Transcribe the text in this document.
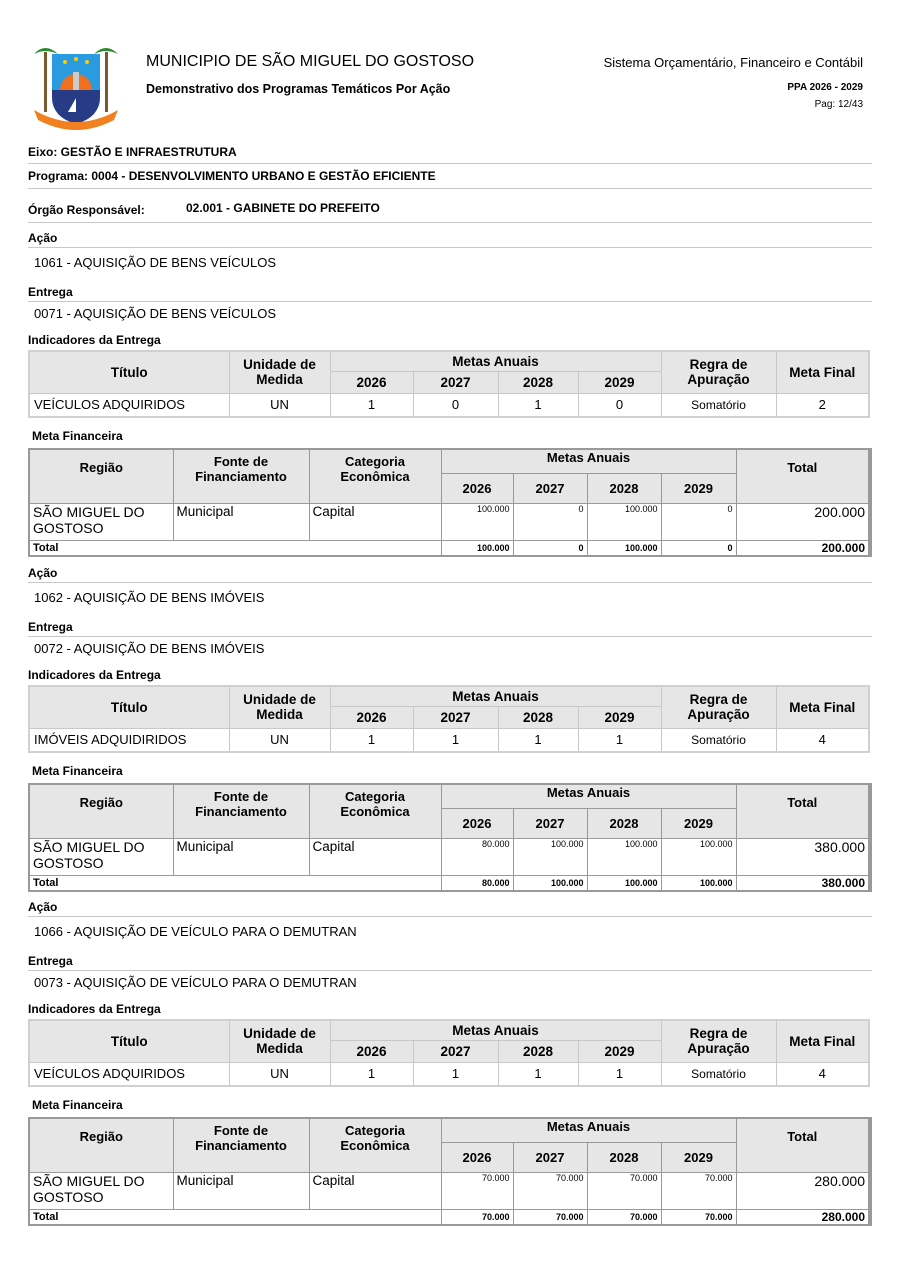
MUNICIPIO DE SÃO MIGUEL DO GOSTOSO
Demonstrativo dos Programas Temáticos Por Ação
Sistema Orçamentário, Financeiro e Contábil
PPA 2026 - 2029
Pag: 12/43
Eixo: GESTÃO E INFRAESTRUTURA
Programa: 0004 - DESENVOLVIMENTO URBANO E GESTÃO EFICIENTE
Órgão Responsável:	02.001 - GABINETE DO PREFEITO
Ação
1061 - AQUISIÇÃO DE BENS VEÍCULOS
Entrega
0071 - AQUISIÇÃO DE BENS VEÍCULOS
Indicadores da Entrega
Título	Unidade de Medida	Metas Anuais				Regra de Apuração	Meta Final
		2026	2027	2028	2029		
VEÍCULOS ADQUIRIDOS	UN	1	0	1	0	Somatório	2
Meta Financeira
Região	Fonte de Financiamento	Categoria Econômica	Metas Anuais				Total
			2026	2027	2028	2029	
SÃO MIGUEL DO GOSTOSO	Municipal	Capital	100.000	0	100.000	0	200.000
Total			100.000	0	100.000	0	200.000
Ação
1062 - AQUISIÇÃO DE BENS IMÓVEIS
Entrega
0072 - AQUISIÇÃO DE BENS IMÓVEIS
Indicadores da Entrega
Título	Unidade de Medida	Metas Anuais				Regra de Apuração	Meta Final
		2026	2027	2028	2029		
IMÓVEIS ADQUIDIRIDOS	UN	1	1	1	1	Somatório	4
Meta Financeira
Região	Fonte de Financiamento	Categoria Econômica	Metas Anuais				Total
			2026	2027	2028	2029	
SÃO MIGUEL DO GOSTOSO	Municipal	Capital	80.000	100.000	100.000	100.000	380.000
Total			80.000	100.000	100.000	100.000	380.000
Ação
1066 - AQUISIÇÃO DE VEÍCULO PARA O DEMUTRAN
Entrega
0073 - AQUISIÇÃO DE VEÍCULO PARA O DEMUTRAN
Indicadores da Entrega
Título	Unidade de Medida	Metas Anuais				Regra de Apuração	Meta Final
		2026	2027	2028	2029		
VEÍCULOS ADQUIRIDOS	UN	1	1	1	1	Somatório	4
Meta Financeira
Região	Fonte de Financiamento	Categoria Econômica	Metas Anuais				Total
			2026	2027	2028	2029	
SÃO MIGUEL DO GOSTOSO	Municipal	Capital	70.000	70.000	70.000	70.000	280.000
Total			70.000	70.000	70.000	70.000	280.000
